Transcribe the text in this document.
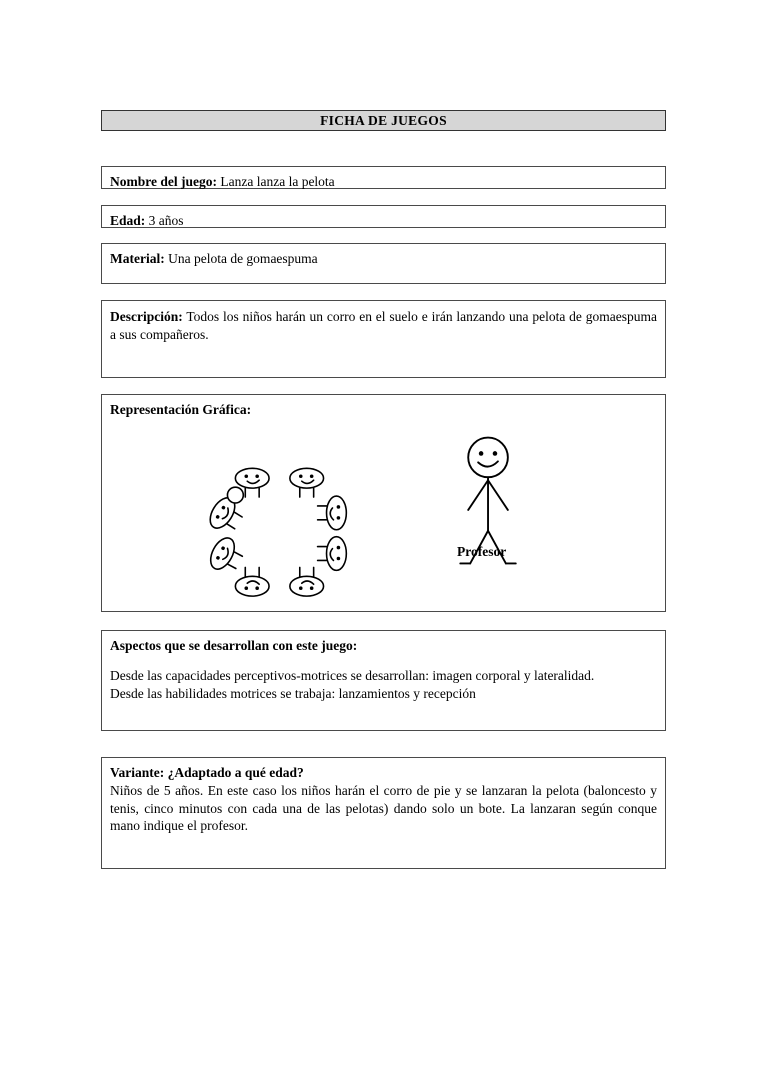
FICHA DE JUEGOS
Nombre del juego: Lanza lanza la pelota
Edad: 3 años
Material: Una pelota de gomaespuma

Descripción: Todos los niños harán un corro en el suelo e irán lanzando una pelota de gomaespuma a sus compañeros.

Representación Gráfica:
Profesor
Aspectos que se desarrollan con este juego:

Desde las capacidades perceptivos-motrices se desarrollan: imagen corporal y lateralidad.

Desde las habilidades motrices se trabaja: lanzamientos y recepción

Variante: ¿Adaptado a qué edad?

Niños de 5 años. En este caso los niños harán el corro de pie y se lanzaran la pelota (baloncesto y tenis, cinco minutos con cada una de las pelotas) dando solo un bote. La lanzaran según conque mano indique el profesor.
